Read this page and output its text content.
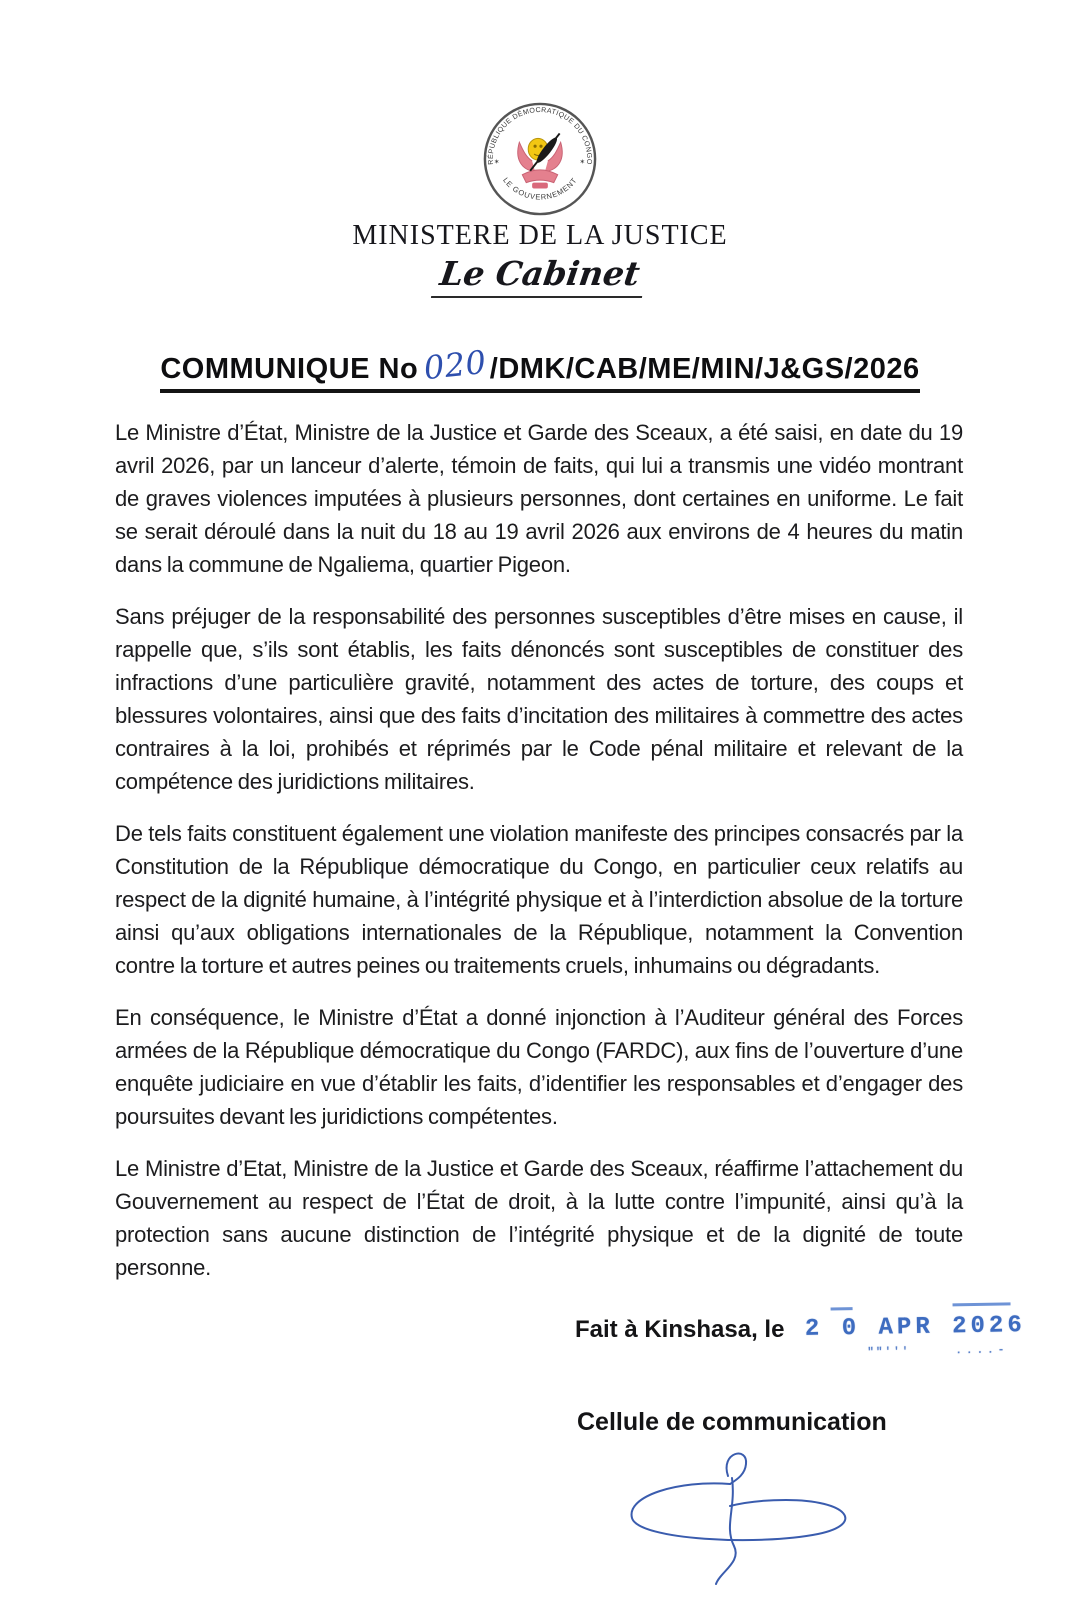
RÉPUBLIQUE DÉMOCRATIQUE DU CONGO
LE GOUVERNEMENT
✶	✶
MINISTERE DE LA JUSTICE
Le Cabinet
COMMUNIQUE No 020/DMK/CAB/ME/MIN/J&GS/2026

Le Ministre d’État, Ministre de la Justice et Garde des Sceaux, a été saisi, en date du 19 avril 2026, par un lanceur d’alerte, témoin de faits, qui lui a transmis une vidéo montrant de graves violences imputées à plusieurs personnes, dont certaines en uniforme. Le fait se serait déroulé dans la nuit du 18 au 19 avril 2026 aux environs de 4 heures du matin dans la commune de Ngaliema, quartier Pigeon.

Sans préjuger de la responsabilité des personnes susceptibles d’être mises en cause, il rappelle que, s’ils sont établis, les faits dénoncés sont susceptibles de constituer des infractions d’une particulière gravité, notamment des actes de torture, des coups et blessures volontaires, ainsi que des faits d’incitation des militaires à commettre des actes contraires à la loi, prohibés et réprimés par le Code pénal militaire et relevant de la compétence des juridictions militaires.

De tels faits constituent également une violation manifeste des principes consacrés par la Constitution de la République démocratique du Congo, en particulier ceux relatifs au respect de la dignité humaine, à l’intégrité physique et à l’interdiction absolue de la torture ainsi qu’aux obligations internationales de la République, notamment la Convention contre la torture et autres peines ou traitements cruels, inhumains ou dégradants.

En conséquence, le Ministre d’État a donné injonction à l’Auditeur général des Forces armées de la République démocratique du Congo (FARDC), aux fins de l’ouverture d’une enquête judiciaire en vue d’établir les faits, d’identifier les responsables et d’engager des poursuites devant les juridictions compétentes.

Le Ministre d’Etat, Ministre de la Justice et Garde des Sceaux, réaffirme l’attachement du Gouvernement au respect de l’État de droit, à la lutte contre l’impunité, ainsi qu’à la protection sans aucune distinction de l’intégrité physique et de la dignité de toute personne.

Fait à Kinshasa, le 2 0 APR 2026
""'''	....-
Cellule de communication
